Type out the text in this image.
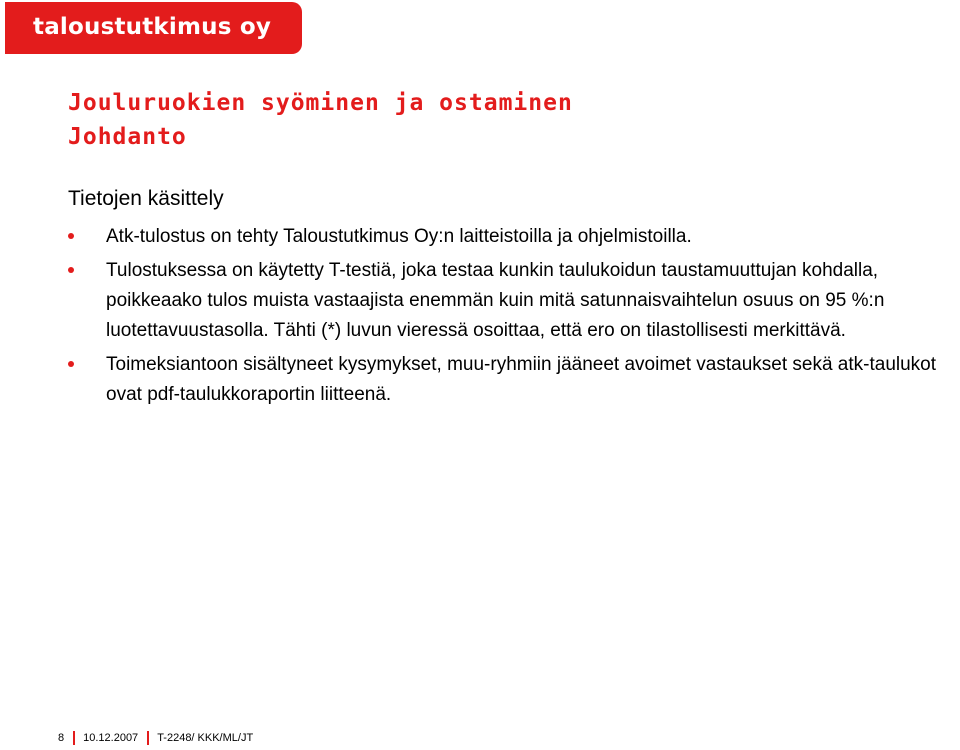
taloustutkimus oy
Jouluruokien syöminen ja ostaminen
Johdanto
Tietojen käsittely
Atk-tulostus on tehty Taloustutkimus Oy:n laitteistoilla ja ohjelmistoilla.
Tulostuksessa on käytetty T-testiä, joka testaa kunkin taulukoidun taustamuuttujan kohdalla, poikkeaako tulos muista vastaajista enemmän kuin mitä satunnaisvaihtelun osuus on 95 %:n luotettavuustasolla. Tähti (*) luvun vieressä osoittaa, että ero on tilastollisesti merkittävä.
Toimeksiantoon sisältyneet kysymykset, muu-ryhmiin jääneet avoimet vastaukset sekä atk-taulukot ovat pdf-taulukkoraportin liitteenä.
8 10.12.2007 T-2248/ KKK/ML/JT
